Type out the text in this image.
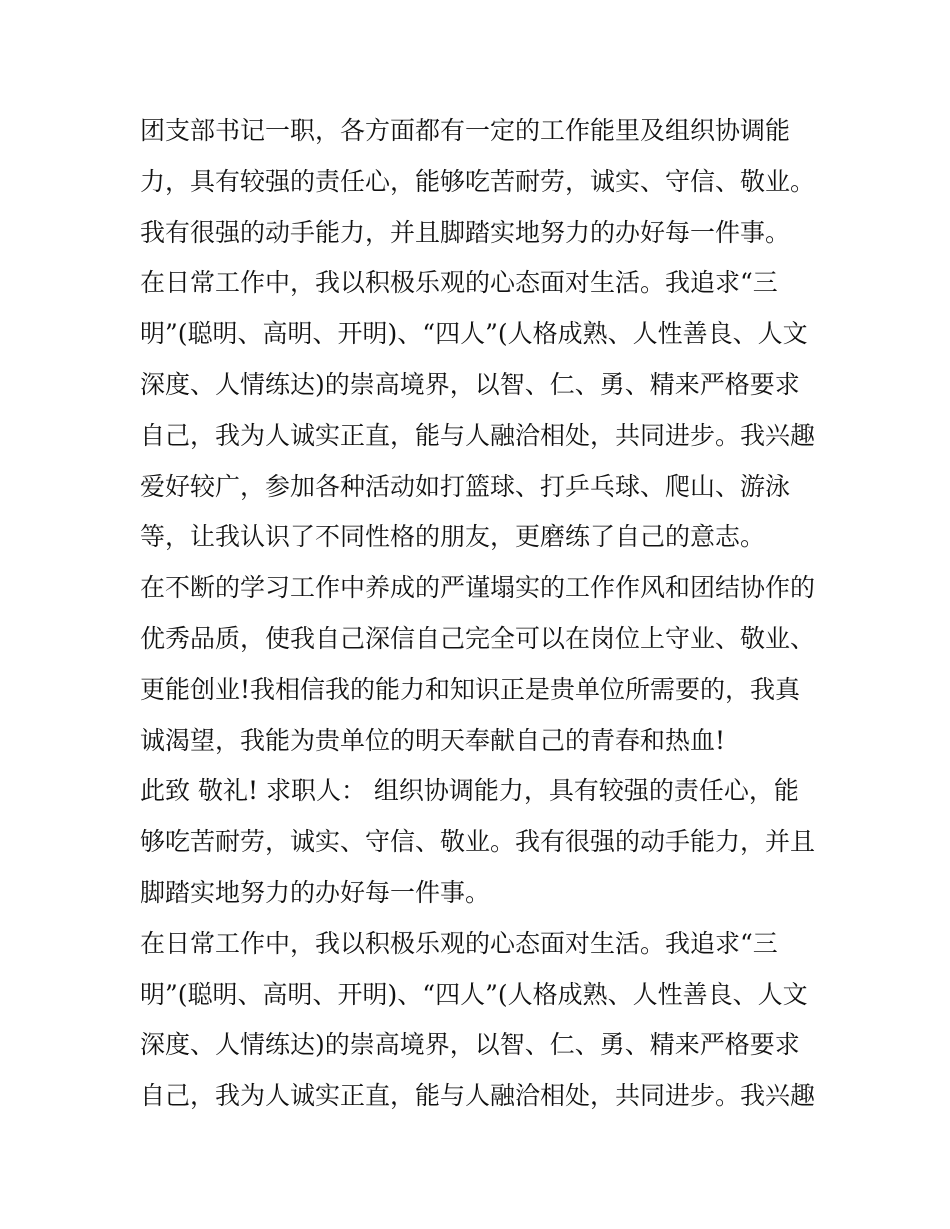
团支部书记一职，各方面都有一定的工作能里及组织协调能
力，具有较强的责任心，能够吃苦耐劳，诚实、守信、敬业。
我有很强的动手能力，并且脚踏实地努力的办好每一件事。
在日常工作中，我以积极乐观的心态面对生活。我追求“三
明”(聪明、高明、开明)、“四人”(人格成熟、人性善良、人文
深度、人情练达)的崇高境界，以智、仁、勇、精来严格要求
自己，我为人诚实正直，能与人融洽相处，共同进步。我兴趣
爱好较广，参加各种活动如打篮球、打乒乓球、爬山、游泳
等，让我认识了不同性格的朋友，更磨练了自己的意志。
在不断的学习工作中养成的严谨塌实的工作作风和团结协作的
优秀品质，使我自己深信自己完全可以在岗位上守业、敬业、
更能创业!我相信我的能力和知识正是贵单位所需要的，我真
诚渴望，我能为贵单位的明天奉献自己的青春和热血!
此致 敬礼! 求职人： 组织协调能力，具有较强的责任心，能
够吃苦耐劳，诚实、守信、敬业。我有很强的动手能力，并且
脚踏实地努力的办好每一件事。
在日常工作中，我以积极乐观的心态面对生活。我追求“三
明”(聪明、高明、开明)、“四人”(人格成熟、人性善良、人文
深度、人情练达)的崇高境界，以智、仁、勇、精来严格要求
自己，我为人诚实正直，能与人融洽相处，共同进步。我兴趣
